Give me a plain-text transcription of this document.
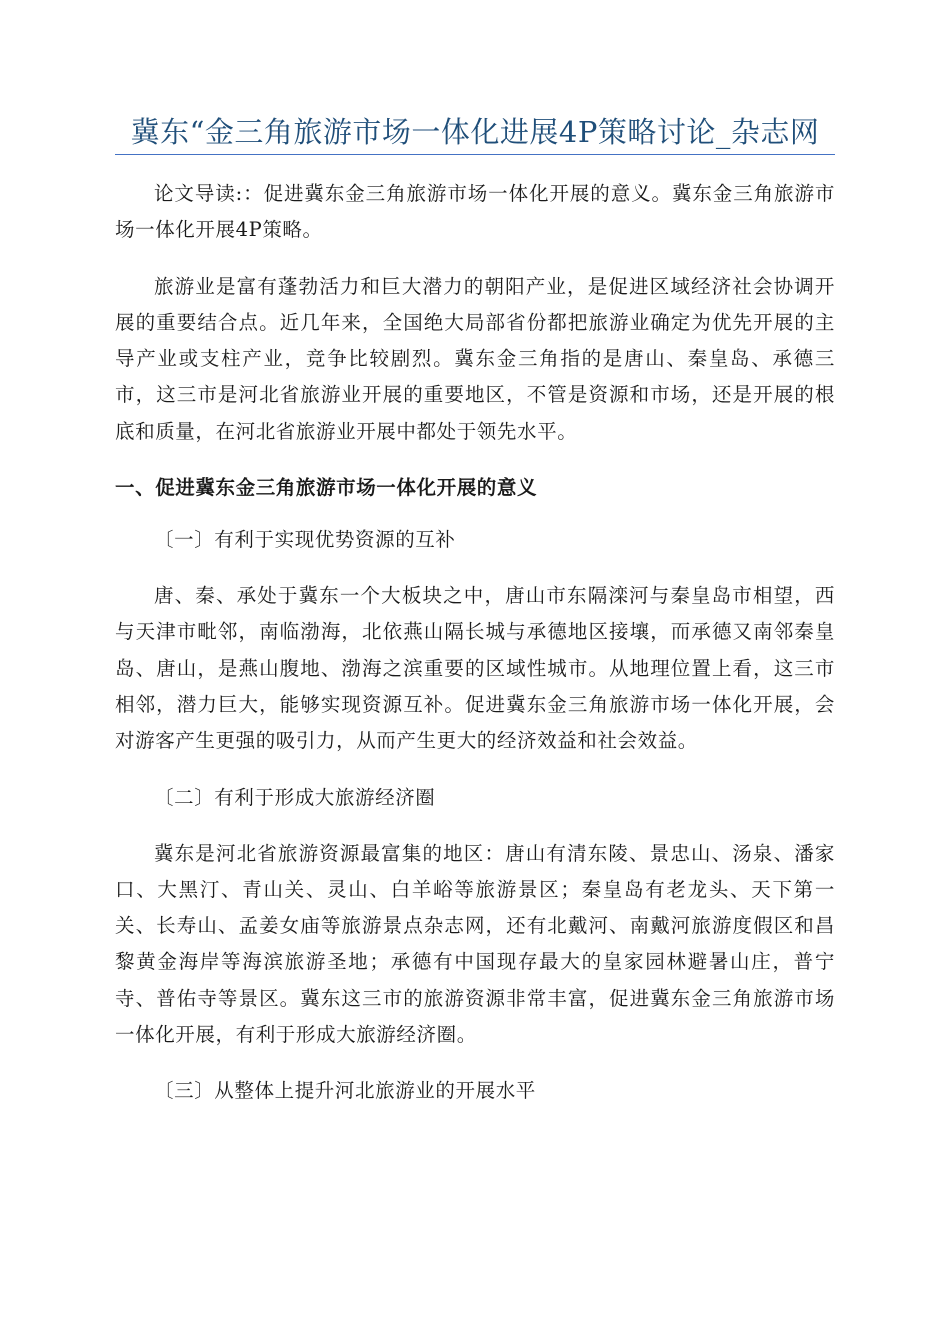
冀东“金三角旅游市场一体化进展4P策略讨论_杂志网

论文导读:：促进冀东金三角旅游市场一体化开展的意义。冀东金三角旅游市场一体化开展4P策略。

旅游业是富有蓬勃活力和巨大潜力的朝阳产业，是促进区域经济社会协调开展的重要结合点。近几年来，全国绝大局部省份都把旅游业确定为优先开展的主导产业或支柱产业，竞争比较剧烈。冀东金三角指的是唐山、秦皇岛、承德三市，这三市是河北省旅游业开展的重要地区，不管是资源和市场，还是开展的根底和质量，在河北省旅游业开展中都处于领先水平。

一、促进冀东金三角旅游市场一体化开展的意义
〔一〕有利于实现优势资源的互补

唐、秦、承处于冀东一个大板块之中，唐山市东隔滦河与秦皇岛市相望，西与天津市毗邻，南临渤海，北依燕山隔长城与承德地区接壤，而承德又南邻秦皇岛、唐山，是燕山腹地、渤海之滨重要的区域性城市。从地理位置上看，这三市相邻，潜力巨大，能够实现资源互补。促进冀东金三角旅游市场一体化开展，会对游客产生更强的吸引力，从而产生更大的经济效益和社会效益。

〔二〕有利于形成大旅游经济圈

冀东是河北省旅游资源最富集的地区：唐山有清东陵、景忠山、汤泉、潘家口、大黑汀、青山关、灵山、白羊峪等旅游景区；秦皇岛有老龙头、天下第一关、长寿山、孟姜女庙等旅游景点杂志网，还有北戴河、南戴河旅游度假区和昌黎黄金海岸等海滨旅游圣地；承德有中国现存最大的皇家园林避暑山庄，普宁寺、普佑寺等景区。冀东这三市的旅游资源非常丰富，促进冀东金三角旅游市场一体化开展，有利于形成大旅游经济圈。

〔三〕从整体上提升河北旅游业的开展水平
